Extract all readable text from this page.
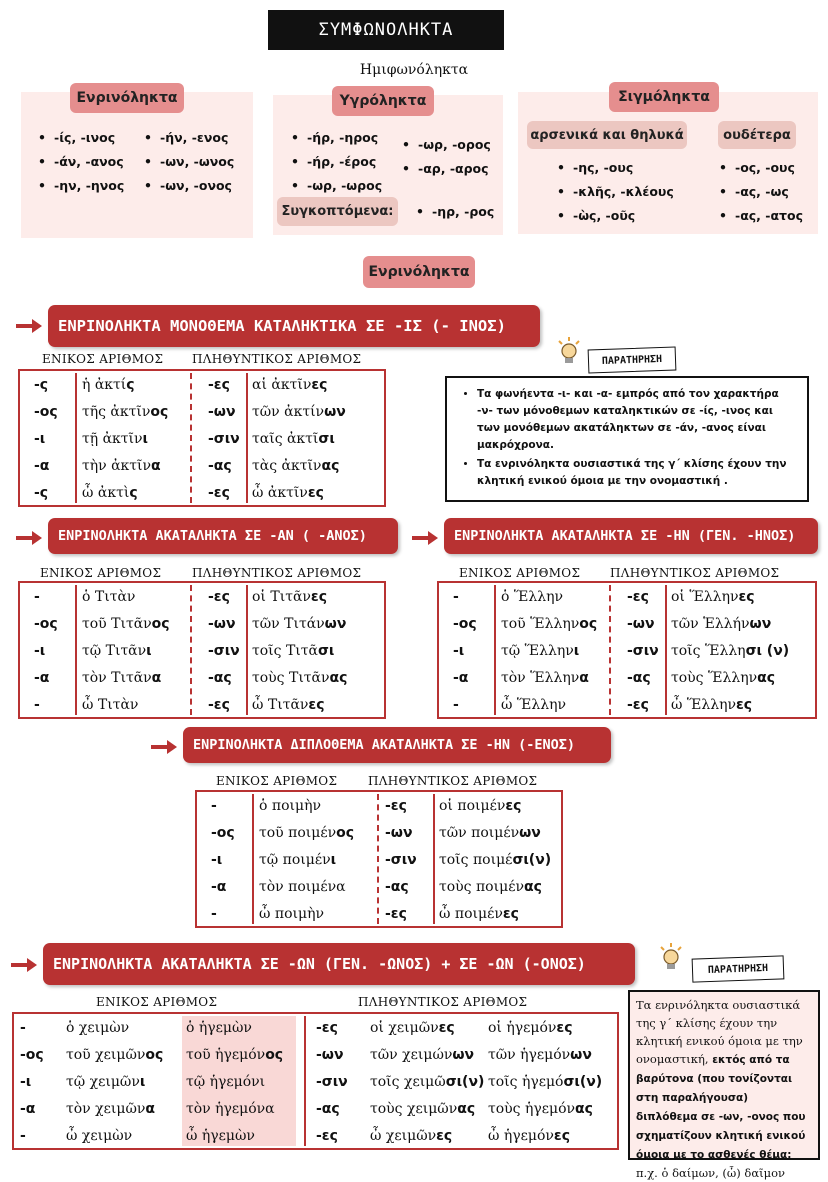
ΣΥΜΦΩΝΟΛΗΚΤΑ
Ημιφωνόληκτα
Ενρινόληκτα
• -ίς, -ινος
• -άν, -ανος
• -ην, -ηνος
• -ήν, -ενος
• -ων, -ωνος
• -ων, -ονος
Υγρόληκτα
• -ήρ, -ηρος
• -ήρ, -έρος
• -ωρ, -ωρος
• -ωρ, -ορος
• -αρ, -αρος
Συγκοπτόμενα:
•	-ηρ, -ρος
Σιγμόληκτα
αρσενικά και θηλυκά	ουδέτερα
• -ης, -ους
• -κλῆς, -κλέους
• -ὼς, -οῦς
• -ος, -ους
• -ας, -ως
• -ας, -ατος
Ενρινόληκτα
ΕΝΡΙΝΟΛΗΚΤΑ ΜΟΝΟΘΕΜΑ ΚΑΤΑΛΗΚΤΙΚΑ ΣΕ -ΙΣ (- ΙΝΟΣ)
ΕΝΙΚΟΣ ΑΡΙΘΜΟΣ ΠΛΗΘΥΝΤΙΚΟΣ ΑΡΙΘΜΟΣ
-ς ἡ ἀκτίς	-ες αἱ ἀκτῖνες
-ος τῆς ἀκτῖνος	-ων τῶν ἀκτίνων
-ι	τῇ ἀκτῖνι	-σιν ταῖς ἀκτῖσι
-α τὴν ἀκτῖνα	-ας τὰς ἀκτῖνας
-ς ὦ ἀκτὶς	-ες ὦ ἀκτῖνες
ΠΑΡΑΤΗΡΗΣΗ
• Τα φωνήεντα -ι- και -α- εμπρός από τον χαρακτήρα -ν- των μόνοθεμων καταληκτικών σε -ίς, -ινος και των μονόθεμων ακατάληκτων σε -άν, -ανος είναι μακρόχρονα.
• Τα ενρινόληκτα ουσιαστικά της γ΄ κλίσης έχουν την κλητική ενικού όμοια με την ονομαστική .
ΕΝΡΙΝΟΛΗΚΤΑ ΑΚΑΤΑΛΗΚΤΑ ΣΕ -ΑΝ ( -ΑΝΟΣ)
ΕΝΙΚΟΣ ΑΡΙΘΜΟΣ	ΠΛΗΘΥΝΤΙΚΟΣ ΑΡΙΘΜΟΣ
-	ὁ Τιτὰν	-ες οἱ Τιτᾶνες
-ος τοῦ Τιτᾶνος	-ων τῶν Τιτάνων
-ι	τῷ Τιτᾶνι	-σιν τοῖς Τιτᾶσι
-α τὸν Τιτᾶνα	-ας τοὺς Τιτᾶνας
-	ὦ Τιτὰν	-ες ὦ Τιτᾶνες
ΕΝΡΙΝΟΛΗΚΤΑ ΑΚΑΤΑΛΗΚΤΑ ΣΕ -ΗΝ (ΓΕΝ. -ΗΝΟΣ)
ΕΝΙΚΟΣ ΑΡΙΘΜΟΣ ΠΛΗΘΥΝΤΙΚΟΣ ΑΡΙΘΜΟΣ
-	ὁ Ἕλλην	-ες οἱ Ἕλληνες
-ος τοῦ Ἕλληνος -ων τῶν Ἑλλήνων
-ι	τῷ Ἕλληνι	-σιν τοῖς Ἕλλησι (ν)
-α τὸν Ἕλληνα	-ας τοὺς Ἕλληνας
-	ὦ Ἕλλην	-ες ὦ Ἕλληνες
ΕΝΡΙΝΟΛΗΚΤΑ ΔΙΠΛΟΘΕΜΑ ΑΚΑΤΑΛΗΚΤΑ ΣΕ -ΗΝ (-ΕΝΟΣ)
ΕΝΙΚΟΣ ΑΡΙΘΜΟΣ	ΠΛΗΘΥΝΤΙΚΟΣ ΑΡΙΘΜΟΣ
-	ὁ ποιμὴν	-ες οἱ ποιμένες
-ος τοῦ ποιμένος -ων τῶν ποιμένων
-ι	τῷ ποιμένι	-σιν τοῖς ποιμέσι(ν)
-α τὸν ποιμένα	-ας τοὺς ποιμένας
-	ὦ ποιμὴν	-ες ὦ ποιμένες
ΕΝΡΙΝΟΛΗΚΤΑ ΑΚΑΤΑΛΗΚΤΑ ΣΕ -ΩΝ (ΓΕΝ. -ΩΝΟΣ) + ΣΕ -ΩΝ (-ΟΝΟΣ)
ΕΝΙΚΟΣ ΑΡΙΘΜΟΣ	ΠΛΗΘΥΝΤΙΚΟΣ ΑΡΙΘΜΟΣ
-	ὁ χειμὼν	ὁ ἡγεμὼν	οἱ χειμῶνες οἱ ἡγεμόνες
-ες
-ος τοῦ χειμῶνος τοῦ ἡγεμόνος	τῶν χειμώνων τῶν ἡγεμόνων
-ων
-ι τῷ χειμῶνι	τῷ ἡγεμόνι	τοῖς χειμῶσι(ν) τοῖς ἡγεμόσι(ν)
-σιν
-α τὸν χειμῶνα τὸν ἡγεμόνα	τοὺς χειμῶνας τοὺς ἡγεμόνας
-ας
-	ὦ χειμὼν	ὦ ἡγεμὼν	ὦ χειμῶνες	ὦ ἡγεμόνες
-ες
ΠΑΡΑΤΗΡΗΣΗ
Τα ενρινόληκτα ουσιαστικά της γ΄ κλίσης έχουν την κλητική ενικού όμοια με την ονομαστική, εκτός από τα βαρύτονα (που τονίζονται στη παραλήγουσα) διπλόθεμα σε -ων, -ονος που σχηματίζουν κλητική ενικού όμοια με το ασθενές θέμα: π.χ. ὁ δαίμων, (ὦ) δαῖμον
